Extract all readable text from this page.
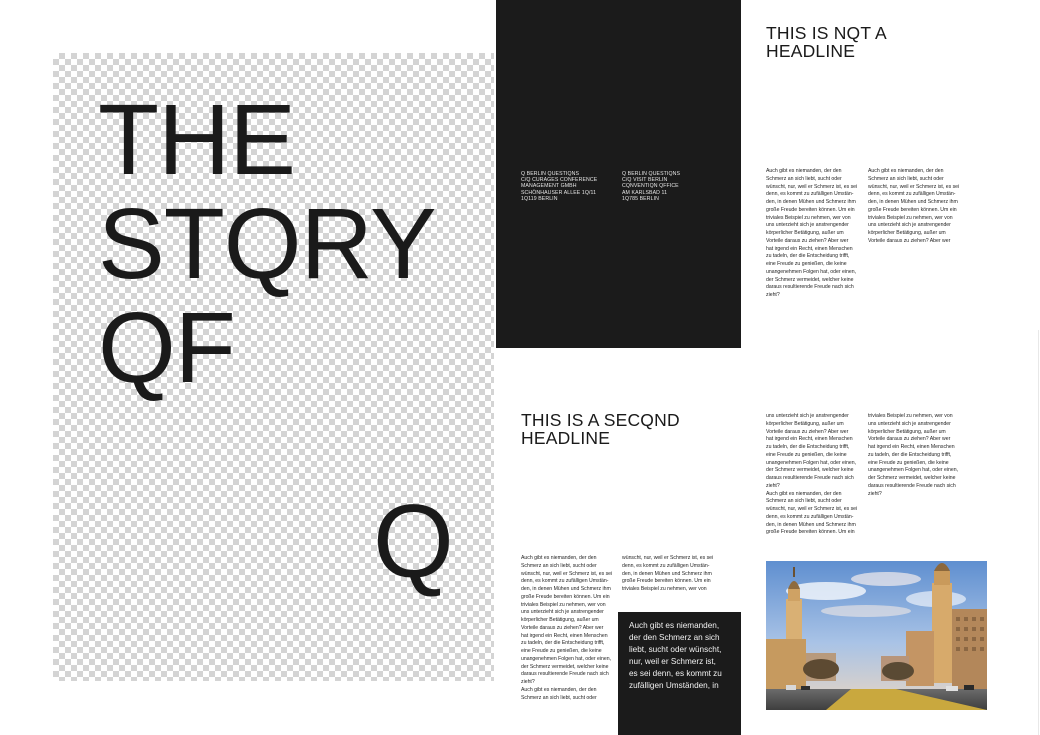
THE
STQRY
QF
Q
Q BERLIN QUESTIQNS
C/Q CURAGES CONFERENCE
MANAGEMENT GMBH
SCHÖNHAUSER ALLEE 1Q/11
1Q119 BERLIN
Q BERLIN QUESTIQNS
C/Q VISIT BERLIN
CQNVENTIQN QFFICE
AM KARLSBAD 11
1Q785 BERLIN
THIS IS NQT A
HEADLINE

Auch gibt es niemanden, der den
Schmerz an sich liebt, sucht oder
wünscht, nur, weil er Schmerz ist, es sei
denn, es kommt zu zufälligen Umstän-
den, in denen Mühen und Schmerz ihm
große Freude bereiten können. Um ein
triviales Beispiel zu nehmen, wer von
uns unterzieht sich je anstrengender
körperlicher Betätigung, außer um
Vorteile daraus zu ziehen? Aber wer
hat irgend ein Recht, einen Menschen
zu tadeln, der die Entscheidung trifft,
eine Freude zu genießen, die keine
unangenehmen Folgen hat, oder einen,
der Schmerz vermeidet, welcher keine
daraus resultierende Freude nach sich
zieht?

Auch gibt es niemanden, der den
Schmerz an sich liebt, sucht oder
wünscht, nur, weil er Schmerz ist, es sei
denn, es kommt zu zufälligen Umstän-
den, in denen Mühen und Schmerz ihm
große Freude bereiten können. Um ein
triviales Beispiel zu nehmen, wer von
uns unterzieht sich je anstrengender
körperlicher Betätigung, außer um
Vorteile daraus zu ziehen? Aber wer

THIS IS A SECQND
HEADLINE

uns unterzieht sich je anstrengender
körperlicher Betätigung, außer um
Vorteile daraus zu ziehen? Aber wer
hat irgend ein Recht, einen Menschen
zu tadeln, der die Entscheidung trifft,
eine Freude zu genießen, die keine
unangenehmen Folgen hat, oder einen,
der Schmerz vermeidet, welcher keine
daraus resultierende Freude nach sich
zieht?
Auch gibt es niemanden, der den
Schmerz an sich liebt, sucht oder
wünscht, nur, weil er Schmerz ist, es sei
denn, es kommt zu zufälligen Umstän-
den, in denen Mühen und Schmerz ihm
große Freude bereiten können. Um ein

triviales Beispiel zu nehmen, wer von
uns unterzieht sich je anstrengender
körperlicher Betätigung, außer um
Vorteile daraus zu ziehen? Aber wer
hat irgend ein Recht, einen Menschen
zu tadeln, der die Entscheidung trifft,
eine Freude zu genießen, die keine
unangenehmen Folgen hat, oder einen,
der Schmerz vermeidet, welcher keine
daraus resultierende Freude nach sich
zieht?

Auch gibt es niemanden, der den
Schmerz an sich liebt, sucht oder
wünscht, nur, weil er Schmerz ist, es sei
denn, es kommt zu zufälligen Umstän-
den, in denen Mühen und Schmerz ihm
große Freude bereiten können. Um ein
triviales Beispiel zu nehmen, wer von
uns unterzieht sich je anstrengender
körperlicher Betätigung, außer um
Vorteile daraus zu ziehen? Aber wer
hat irgend ein Recht, einen Menschen
zu tadeln, der die Entscheidung trifft,
eine Freude zu genießen, die keine
unangenehmen Folgen hat, oder einen,
der Schmerz vermeidet, welcher keine
daraus resultierende Freude nach sich
zieht?
Auch gibt es niemanden, der den
Schmerz an sich liebt, sucht oder

wünscht, nur, weil er Schmerz ist, es sei
denn, es kommt zu zufälligen Umstän-
den, in denen Mühen und Schmerz ihm
große Freude bereiten können. Um ein
triviales Beispiel zu nehmen, wer von

Auch gibt es niemanden,
der den Schmerz an sich
liebt, sucht oder wünscht,
nur, weil er Schmerz ist,
es sei denn, es kommt zu
zufälligen Umständen, in
